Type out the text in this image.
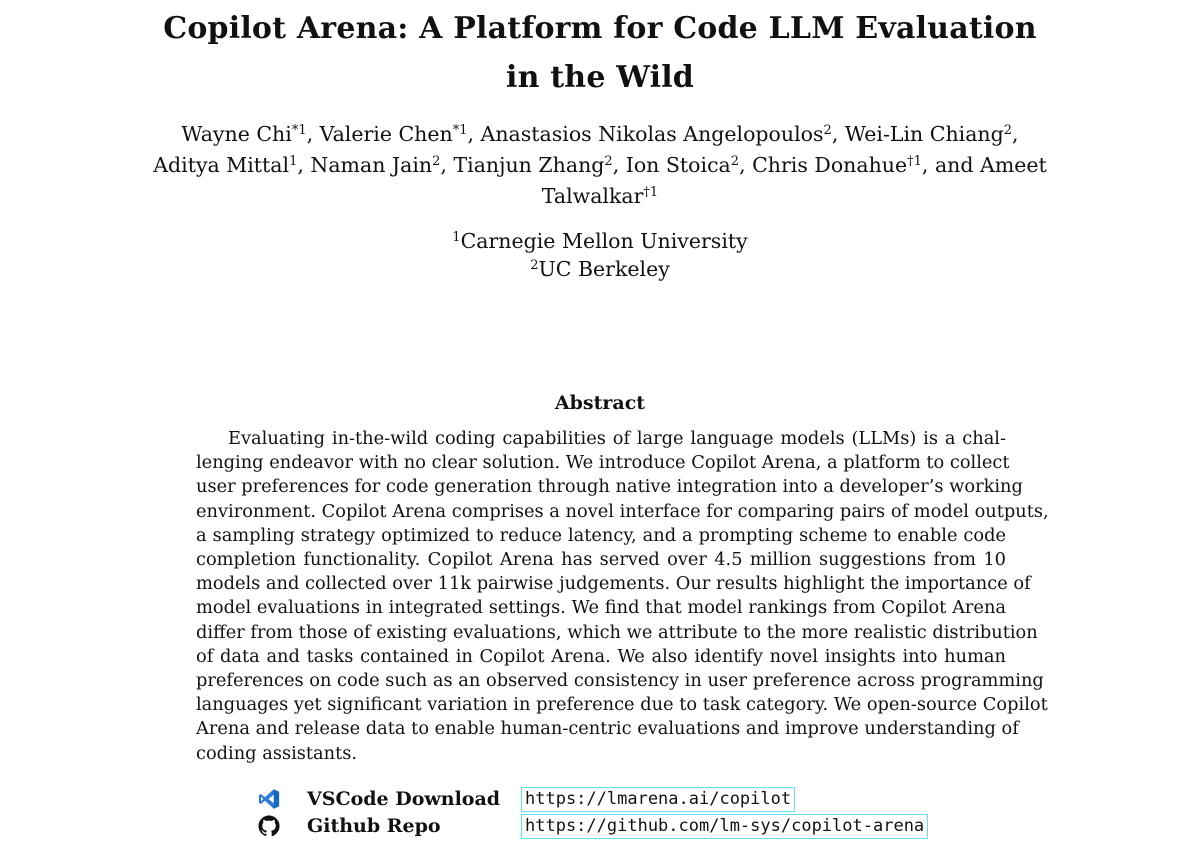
Copilot Arena: A Platform for Code LLM Evaluation
in the Wild
Wayne Chi$^{*1}$, Valerie Chen$^{*1}$, Anastasios Nikolas Angelopoulos$^2$, Wei-Lin Chiang$^2$,
Aditya Mittal$^1$, Naman Jain$^2$, Tianjun Zhang$^2$, Ion Stoica$^2$, Chris Donahue$^{\dagger 1}$, and Ameet
Talwalkar$^{\dagger 1}$
$^1$Carnegie Mellon University
$^2$UC Berkeley
Abstract
Evaluating in-the-wild coding capabilities of large language models (LLMs) is a chal-
lenging endeavor with no clear solution. We introduce Copilot Arena, a platform to collect
user preferences for code generation through native integration into a developer’s working
environment. Copilot Arena comprises a novel interface for comparing pairs of model outputs,
a sampling strategy optimized to reduce latency, and a prompting scheme to enable code
completion functionality. Copilot Arena has served over 4.5 million suggestions from 10
models and collected over 11k pairwise judgements. Our results highlight the importance of
model evaluations in integrated settings. We find that model rankings from Copilot Arena
differ from those of existing evaluations, which we attribute to the more realistic distribution
of data and tasks contained in Copilot Arena. We also identify novel insights into human
preferences on code such as an observed consistency in user preference across programming
languages yet significant variation in preference due to task category. We open-source Copilot
Arena and release data to enable human-centric evaluations and improve understanding of
coding assistants.
VSCode Download https://lmarena.ai/copilot
Github Repo	https://github.com/lm-sys/copilot-arena
